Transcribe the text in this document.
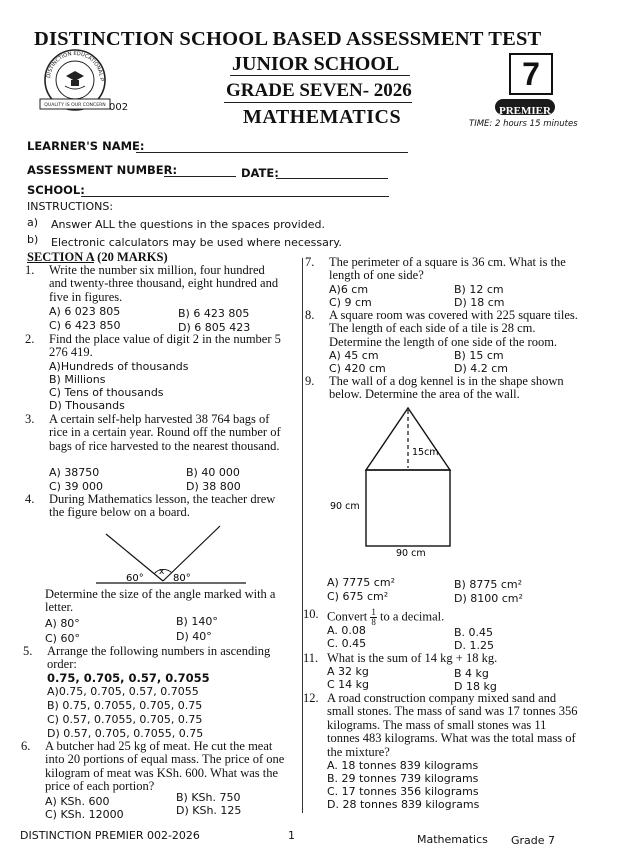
DISTINCTION SCHOOL BASED ASSESSMENT TEST
JUNIOR SCHOOL
GRADE SEVEN- 2026
MATHEMATICS
DISTINCTION EDUCATIONAL P
QUALITY IS OUR CONCERN 002
7
PREMIER
TIME: 2 hours 15 minutes
LEARNER'S NAME:
ASSESSMENT NUMBER:	DATE:
SCHOOL:
INSTRUCTIONS:
a) Answer ALL the questions in the spaces provided.
b) Electronic calculators may be used where necessary.
SECTION A (20 MARKS)
1. Write the number six million, four hundred and twenty-three thousand, eight hundred and five in figures.
A) 6 023 805	B) 6 423 805
C) 6 423 850	D) 6 805 423
2. Find the place value of digit 2 in the number 5 276 419.
A)Hundreds of thousands
B) Millions
C) Tens of thousands
D) Thousands
3. A certain self-help harvested 38 764 bags of rice in a certain year. Round off the number of bags of rice harvested to the nearest thousand.
A) 38750	B) 40 000
C) 39 000	D) 38 800
4. During Mathematics lesson, the teacher drew the figure below on a board.
60°
x
80°
Determine the size of the angle marked with a letter.
A) 80°	B) 140°
C) 60°	D) 40°
5. Arrange the following numbers in ascending order:
0.75, 0.705, 0.57, 0.7055
A)0.75, 0.705, 0.57, 0.7055
B) 0.75, 0.7055, 0.705, 0.75
C) 0.57, 0.7055, 0.705, 0.75
D) 0.57, 0.705, 0.7055, 0.75
6. A butcher had 25 kg of meat. He cut the meat into 20 portions of equal mass. The price of one kilogram of meat was KSh. 600. What was the price of each portion?
A) KSh. 600	B) KSh. 750
C) KSh. 12000	D) KSh. 125
7. The perimeter of a square is 36 cm. What is the length of one side?
A)6 cm	B) 12 cm
C) 9 cm	D) 18 cm
8. A square room was covered with 225 square tiles. The length of each side of a tile is 28 cm. Determine the length of one side of the room.
A) 45 cm	B) 15 cm
C) 420 cm	D) 4.2 cm
9. The wall of a dog kennel is in the shape shown below. Determine the area of the wall.
15cm
90 cm
90 cm
A) 7775 cm²	B) 8775 cm²
C) 675 cm²	D) 8100 cm²
10. Convert $\frac{1}{8}$ to a decimal.
A. 0.08	B. 0.45
C. 0.45	D. 1.25
11. What is the sum of 14 kg + 18 kg.
A 32 kg	B 4 kg
C 14 kg	D 18 kg
12. A road construction company mixed sand and small stones. The mass of sand was 17 tonnes 356 kilograms. The mass of small stones was 11 tonnes 483 kilograms. What was the total mass of the mixture?
A. 18 tonnes 839 kilograms
B. 29 tonnes 739 kilograms
C. 17 tonnes 356 kilograms
D. 28 tonnes 839 kilograms
DISTINCTION PREMIER 002-2026	1	Mathematics Grade 7
